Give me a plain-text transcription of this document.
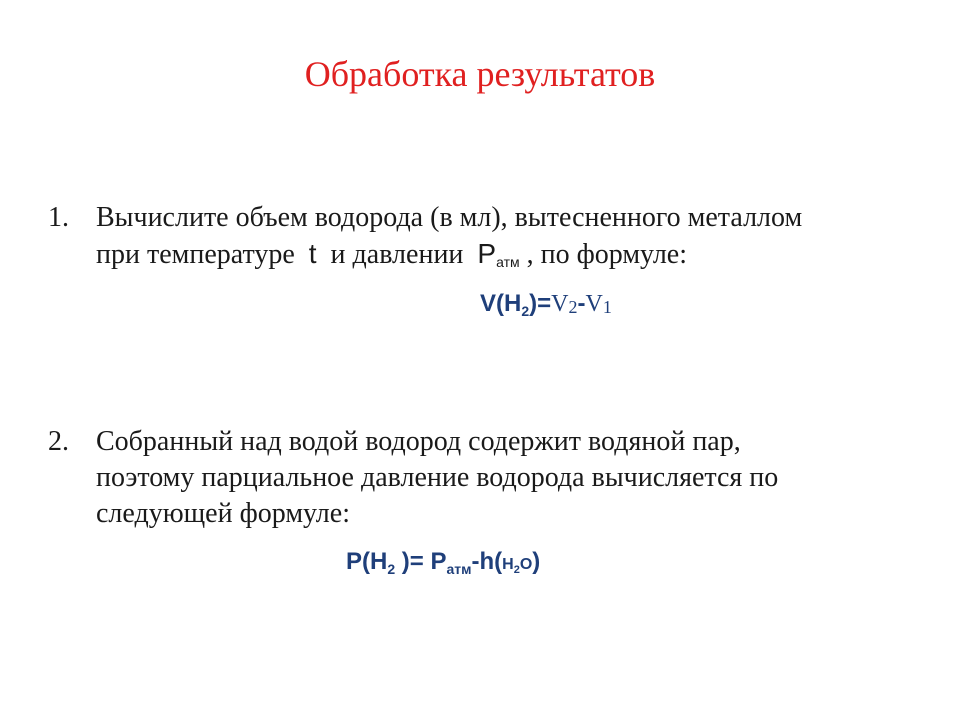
Обработка результатов
1. Вычислите объем водорода (в мл), вытесненного металлом
при температуре t и давлении Pатм , по формуле:
$V(H_2)=V2-V1$
2. Собранный над водой водород содержит водяной пар,
поэтому парциальное давление водорода вычисляется по
следующей формуле:
$P(H_2$ )= $P_{атм}-h(H2O)$
